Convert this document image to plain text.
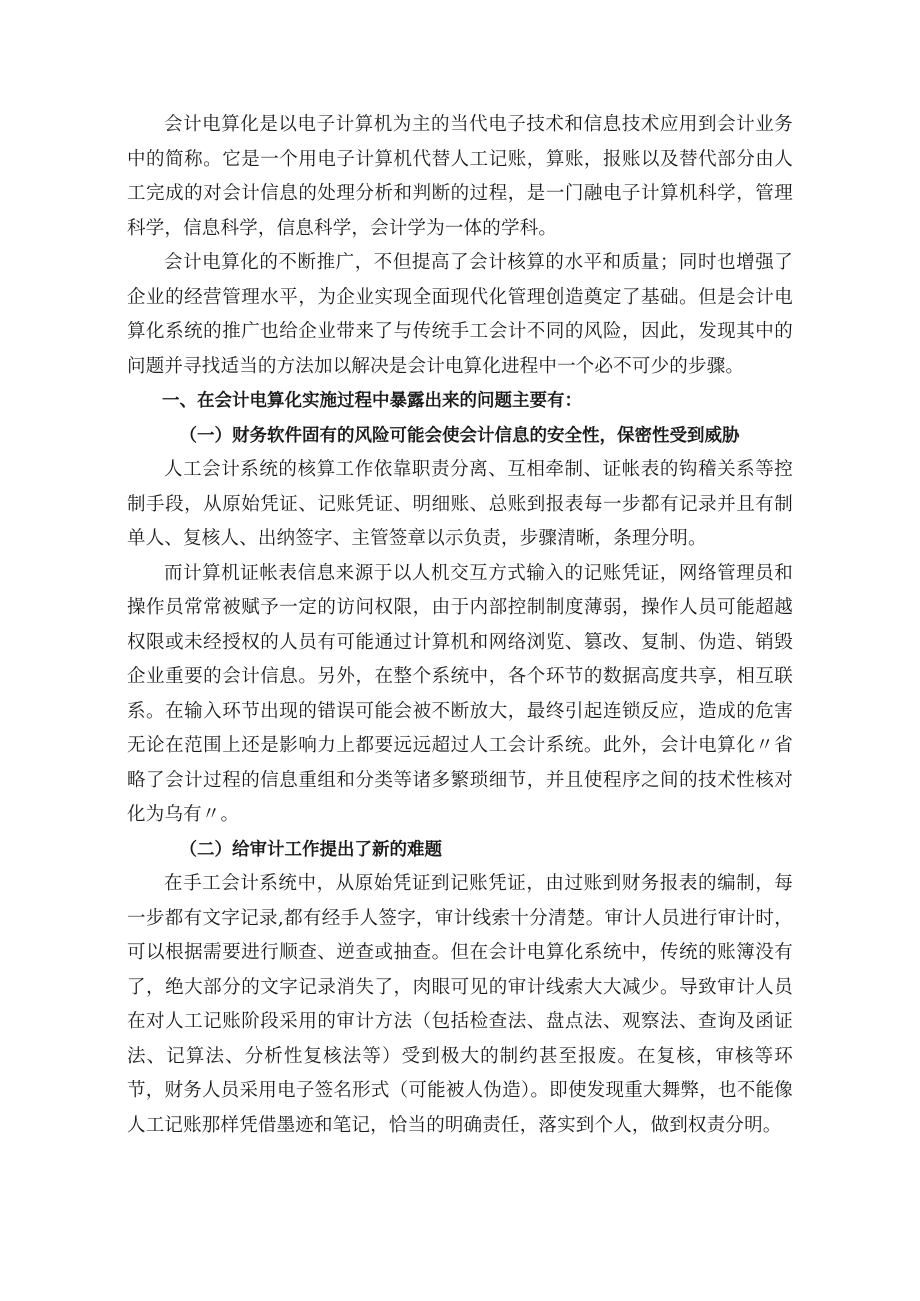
会计电算化是以电子计算机为主的当代电子技术和信息技术应用到会计业务中的简称。它是一个用电子计算机代替人工记账，算账，报账以及替代部分由人工完成的对会计信息的处理分析和判断的过程，是一门融电子计算机科学，管理科学，信息科学，信息科学，会计学为一体的学科。

会计电算化的不断推广，不但提高了会计核算的水平和质量；同时也增强了企业的经营管理水平，为企业实现全面现代化管理创造奠定了基础。但是会计电算化系统的推广也给企业带来了与传统手工会计不同的风险，因此，发现其中的问题并寻找适当的方法加以解决是会计电算化进程中一个必不可少的步骤。

一、在会计电算化实施过程中暴露出来的问题主要有：

（一）财务软件固有的风险可能会使会计信息的安全性，保密性受到威胁

人工会计系统的核算工作依靠职责分离、互相牵制、证帐表的钩稽关系等控制手段，从原始凭证、记账凭证、明细账、总账到报表每一步都有记录并且有制单人、复核人、出纳签字、主管签章以示负责，步骤清晰，条理分明。

而计算机证帐表信息来源于以人机交互方式输入的记账凭证，网络管理员和操作员常常被赋予一定的访问权限，由于内部控制制度薄弱，操作人员可能超越权限或未经授权的人员有可能通过计算机和网络浏览、篡改、复制、伪造、销毁企业重要的会计信息。另外，在整个系统中，各个环节的数据高度共享，相互联系。在输入环节出现的错误可能会被不断放大，最终引起连锁反应，造成的危害无论在范围上还是影响力上都要远远超过人工会计系统。此外，会计电算化〃省略了会计过程的信息重组和分类等诸多繁琐细节，并且使程序之间的技术性核对化为乌有〃。

（二）给审计工作提出了新的难题

在手工会计系统中，从原始凭证到记账凭证，由过账到财务报表的编制，每一步都有文字记录,都有经手人签字，审计线索十分清楚。审计人员进行审计时，可以根据需要进行顺查、逆查或抽查。但在会计电算化系统中，传统的账簿没有了，绝大部分的文字记录消失了，肉眼可见的审计线索大大减少。导致审计人员在对人工记账阶段采用的审计方法（包括检查法、盘点法、观察法、查询及函证法、记算法、分析性复核法等）受到极大的制约甚至报废。在复核，审核等环节，财务人员采用电子签名形式（可能被人伪造）。即使发现重大舞弊，也不能像人工记账那样凭借墨迹和笔记，恰当的明确责任，落实到个人，做到权责分明。
